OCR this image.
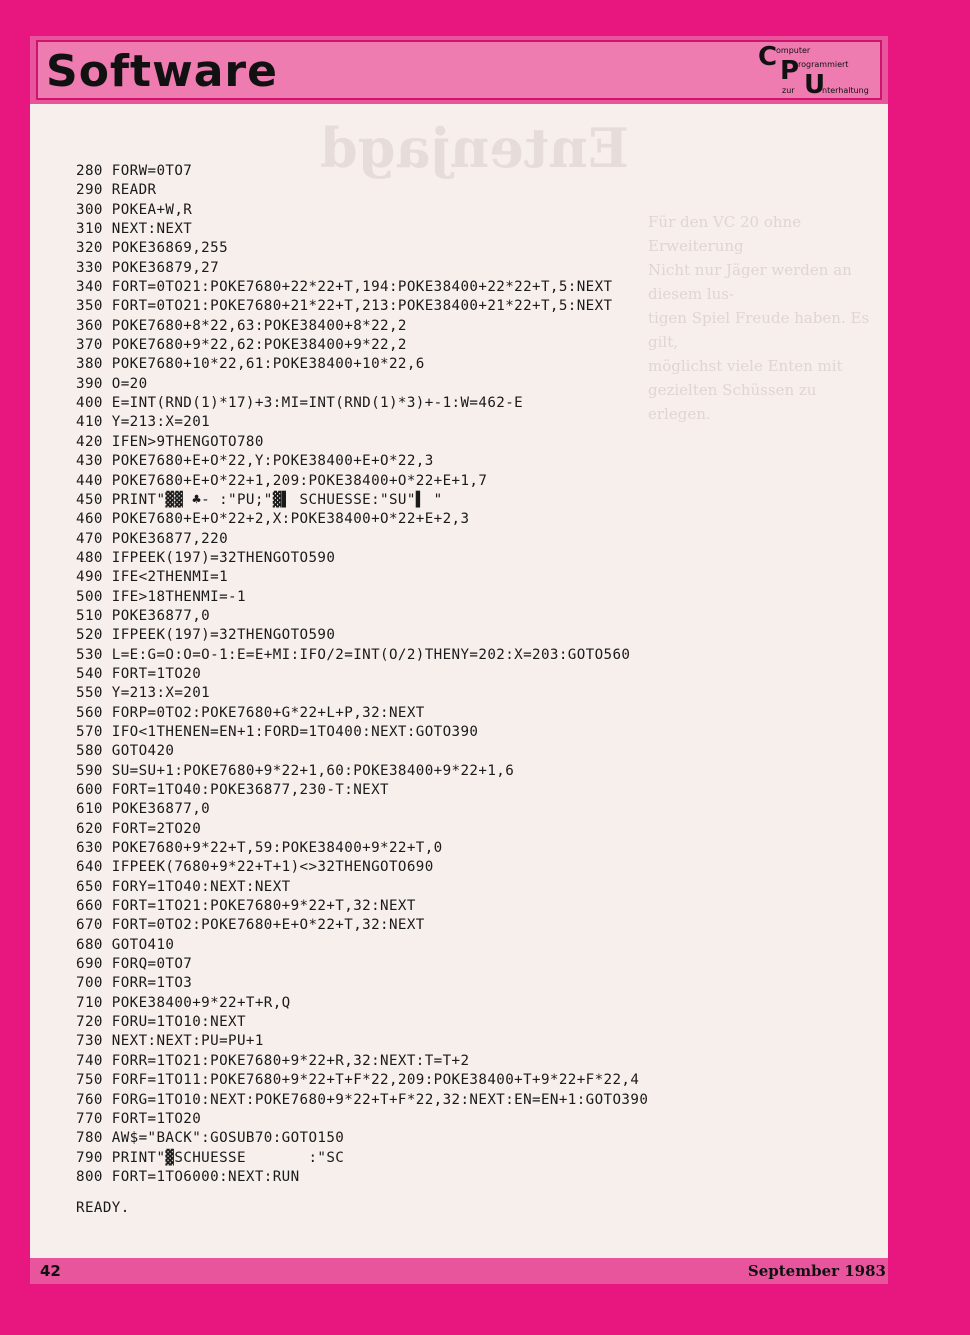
Software	C
omputer
P
rogrammiert
zur U
nterhaltung
Entenjagd
Für den VC 20 ohne Erweiterung
Nicht nur Jäger werden an diesem lus-
tigen Spiel Freude haben. Es gilt,
möglichst viele Enten mit
gezielten Schüssen zu erlegen.
280 FORW=0TO7
290 READR
300 POKEA+W,R
310 NEXT:NEXT
320 POKE36869,255
330 POKE36879,27
340 FORT=0TO21:POKE7680+22*22+T,194:POKE38400+22*22+T,5:NEXT
350 FORT=0TO21:POKE7680+21*22+T,213:POKE38400+21*22+T,5:NEXT
360 POKE7680+8*22,63:POKE38400+8*22,2
370 POKE7680+9*22,62:POKE38400+9*22,2
380 POKE7680+10*22,61:POKE38400+10*22,6
390 O=20
400 E=INT(RND(1)*17)+3:MI=INT(RND(1)*3)+-1:W=462-E
410 Y=213:X=201
420 IFEN>9THENGOTO780
430 POKE7680+E+O*22,Y:POKE38400+E+O*22,3
440 POKE7680+E+O*22+1,209:POKE38400+O*22+E+1,7
450 PRINT"▓▓ ♣- :"PU;"▓▌ SCHUESSE:"SU"▌ "
460 POKE7680+E+O*22+2,X:POKE38400+O*22+E+2,3
470 POKE36877,220
480 IFPEEK(197)=32THENGOTO590
490 IFE<2THENMI=1
500 IFE>18THENMI=-1
510 POKE36877,0
520 IFPEEK(197)=32THENGOTO590
530 L=E:G=O:O=O-1:E=E+MI:IFO/2=INT(O/2)THENY=202:X=203:GOTO560
540 FORT=1TO20
550 Y=213:X=201
560 FORP=0TO2:POKE7680+G*22+L+P,32:NEXT
570 IFO<1THENEN=EN+1:FORD=1TO400:NEXT:GOTO390
580 GOTO420
590 SU=SU+1:POKE7680+9*22+1,60:POKE38400+9*22+1,6
600 FORT=1TO40:POKE36877,230-T:NEXT
610 POKE36877,0
620 FORT=2TO20
630 POKE7680+9*22+T,59:POKE38400+9*22+T,0
640 IFPEEK(7680+9*22+T+1)<>32THENGOTO690
650 FORY=1TO40:NEXT:NEXT
660 FORT=1TO21:POKE7680+9*22+T,32:NEXT
670 FORT=0TO2:POKE7680+E+O*22+T,32:NEXT
680 GOTO410
690 FORQ=0TO7
700 FORR=1TO3
710 POKE38400+9*22+T+R,Q
720 FORU=1TO10:NEXT
730 NEXT:NEXT:PU=PU+1
740 FORR=1TO21:POKE7680+9*22+R,32:NEXT:T=T+2
750 FORF=1TO11:POKE7680+9*22+T+F*22,209:POKE38400+T+9*22+F*22,4
760 FORG=1TO10:NEXT:POKE7680+9*22+T+F*22,32:NEXT:EN=EN+1:GOTO390
770 FORT=1TO20
780 AW$="BACK":GOSUB70:GOTO150
790 PRINT"▓SCHUESSE       :"SC
800 FORT=1TO6000:NEXT:RUN
READY.
42	September 1983
